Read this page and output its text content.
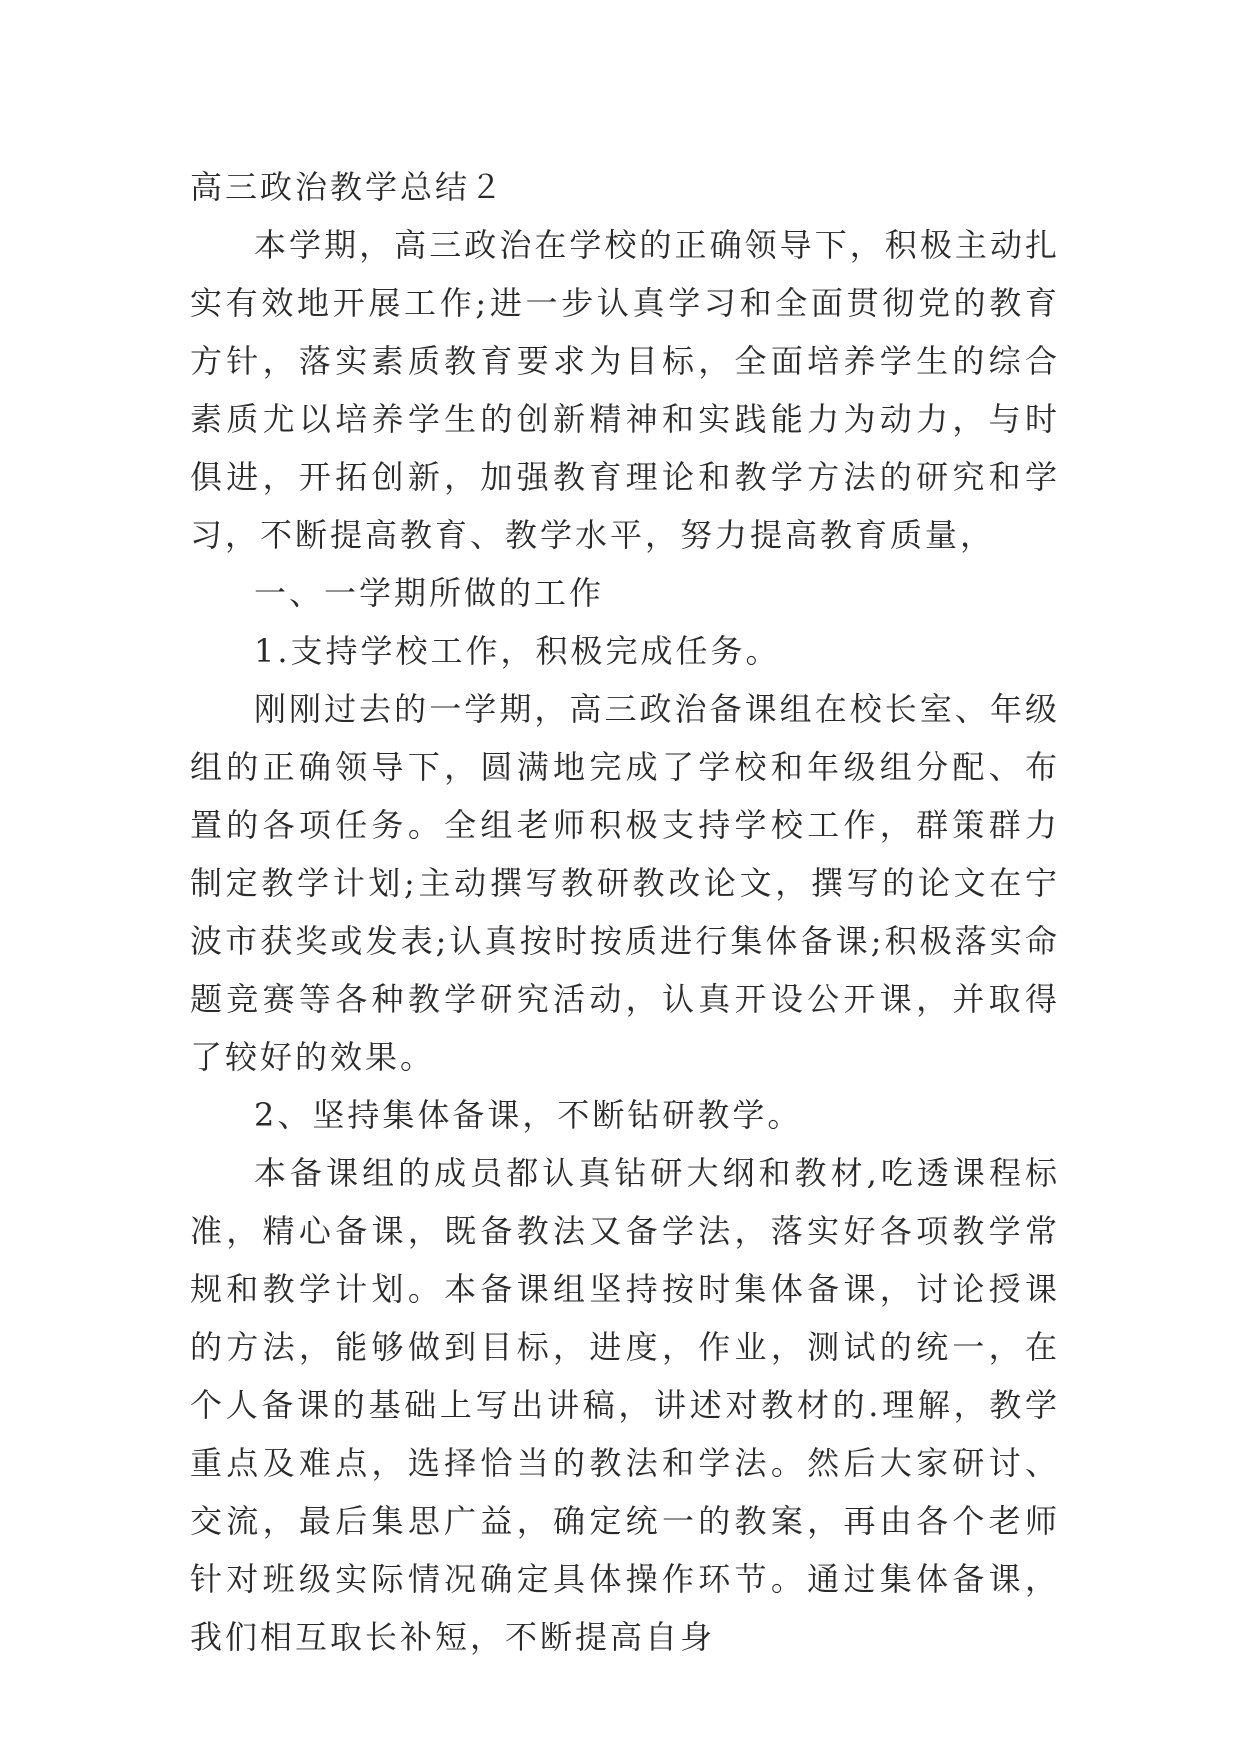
高三政治教学总结２

本学期，高三政治在学校的正确领导下，积极主动扎实有效地开展工作;进一步认真学习和全面贯彻党的教育方针，落实素质教育要求为目标，全面培养学生的综合素质尤以培养学生的创新精神和实践能力为动力，与时俱进，开拓创新，加强教育理论和教学方法的研究和学习，不断提高教育、教学水平，努力提高教育质量，

一、一学期所做的工作

1.支持学校工作，积极完成任务。

刚刚过去的一学期，高三政治备课组在校长室、年级组的正确领导下，圆满地完成了学校和年级组分配、布置的各项任务。全组老师积极支持学校工作，群策群力制定教学计划;主动撰写教研教改论文，撰写的论文在宁波市获奖或发表;认真按时按质进行集体备课;积极落实命题竞赛等各种教学研究活动，认真开设公开课，并取得了较好的效果。

2、坚持集体备课，不断钻研教学。

本备课组的成员都认真钻研大纲和教材,吃透课程标准，精心备课，既备教法又备学法，落实好各项教学常规和教学计划。本备课组坚持按时集体备课，讨论授课的方法，能够做到目标，进度，作业，测试的统一，在个人备课的基础上写出讲稿，讲述对教材的.理解，教学重点及难点，选择恰当的教法和学法。然后大家研讨、交流，最后集思广益，确定统一的教案，再由各个老师针对班级实际情况确定具体操作环节。通过集体备课，我们相互取长补短，不断提高自身
